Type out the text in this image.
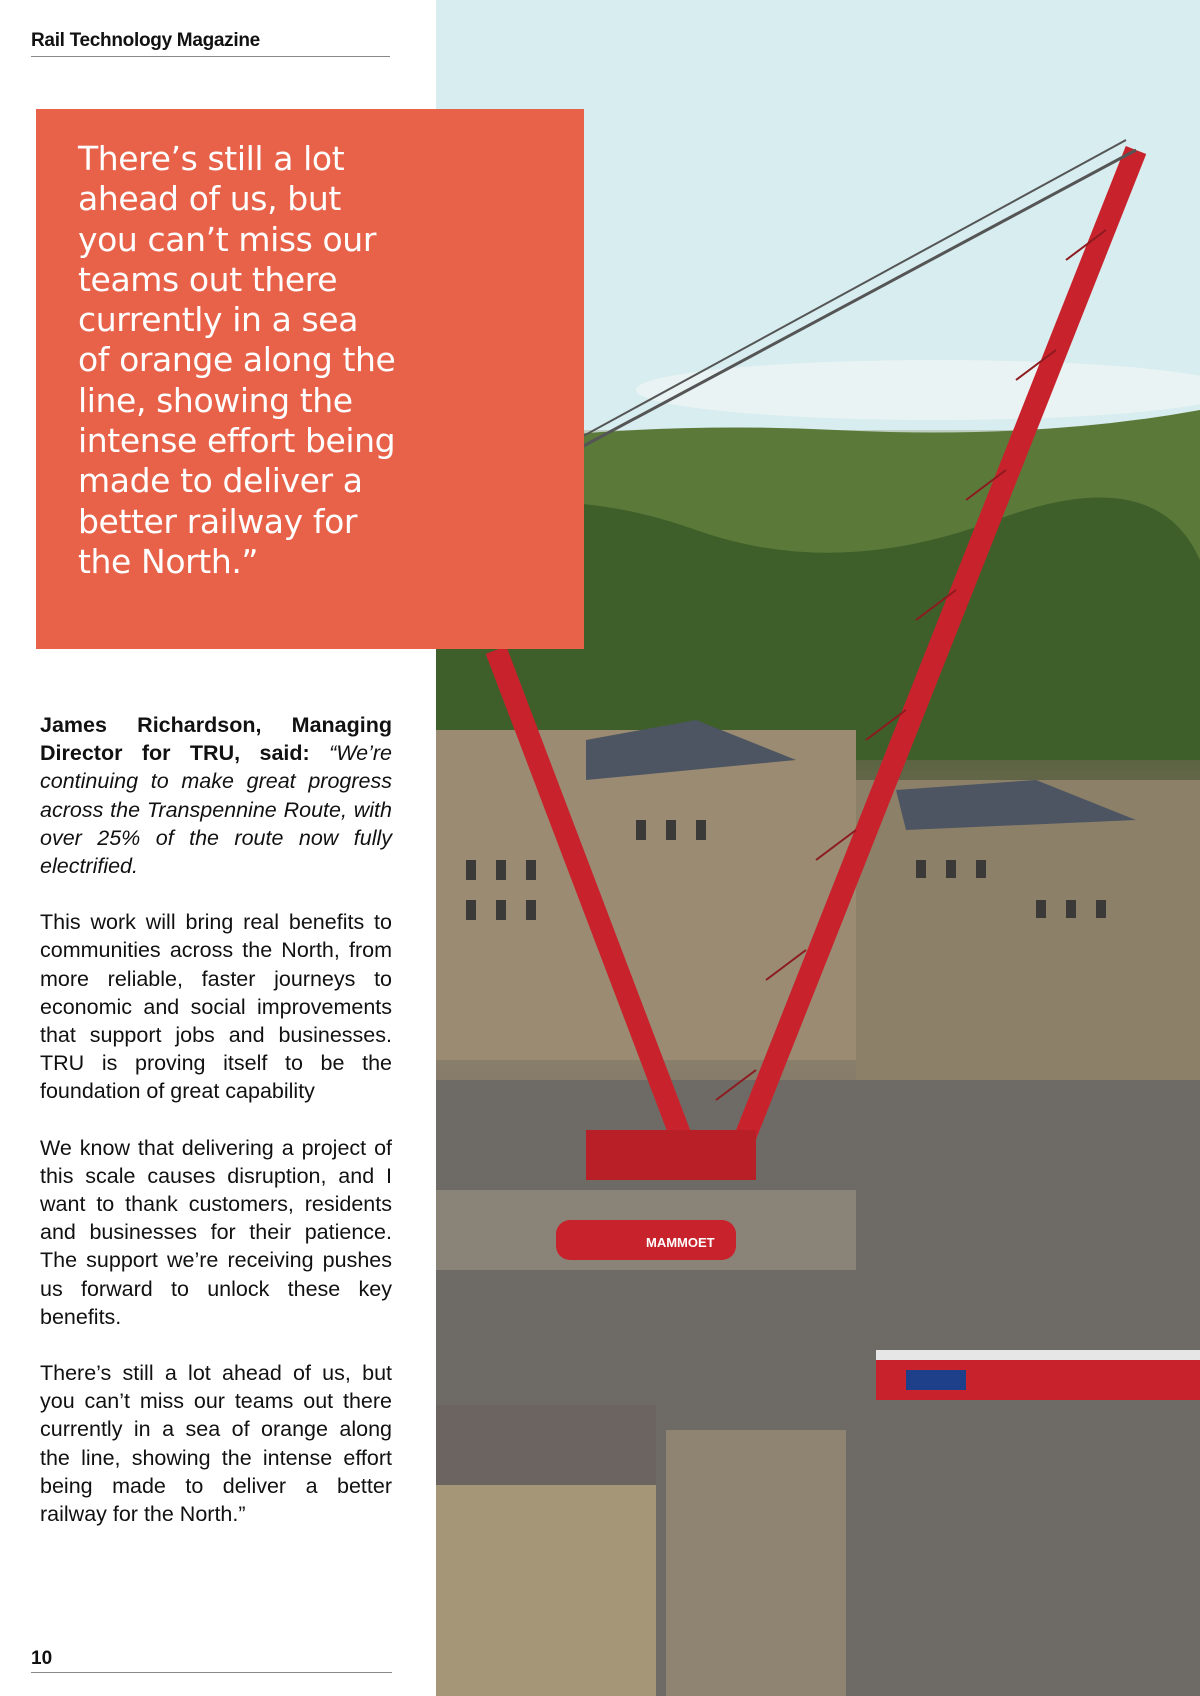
Rail Technology Magazine
MAMMOET

There’s still a lot ahead of us, but you can’t miss our teams out there currently in a sea of orange along the line, showing the intense effort being made to deliver a better railway for the North.”

James Richardson, Managing Director for TRU, said: “We’re continuing to make great progress across the Transpennine Route, with over 25% of the route now fully electrified.

This work will bring real benefits to communities across the North, from more reliable, faster journeys to economic and social improvements that support jobs and businesses. TRU is proving itself to be the foundation of great capability

We know that delivering a project of this scale causes disruption, and I want to thank customers, residents and businesses for their patience. The support we’re receiving pushes us forward to unlock these key benefits.

There’s still a lot ahead of us, but you can’t miss our teams out there currently in a sea of orange along the line, showing the intense effort being made to deliver a better railway for the North.”

10
